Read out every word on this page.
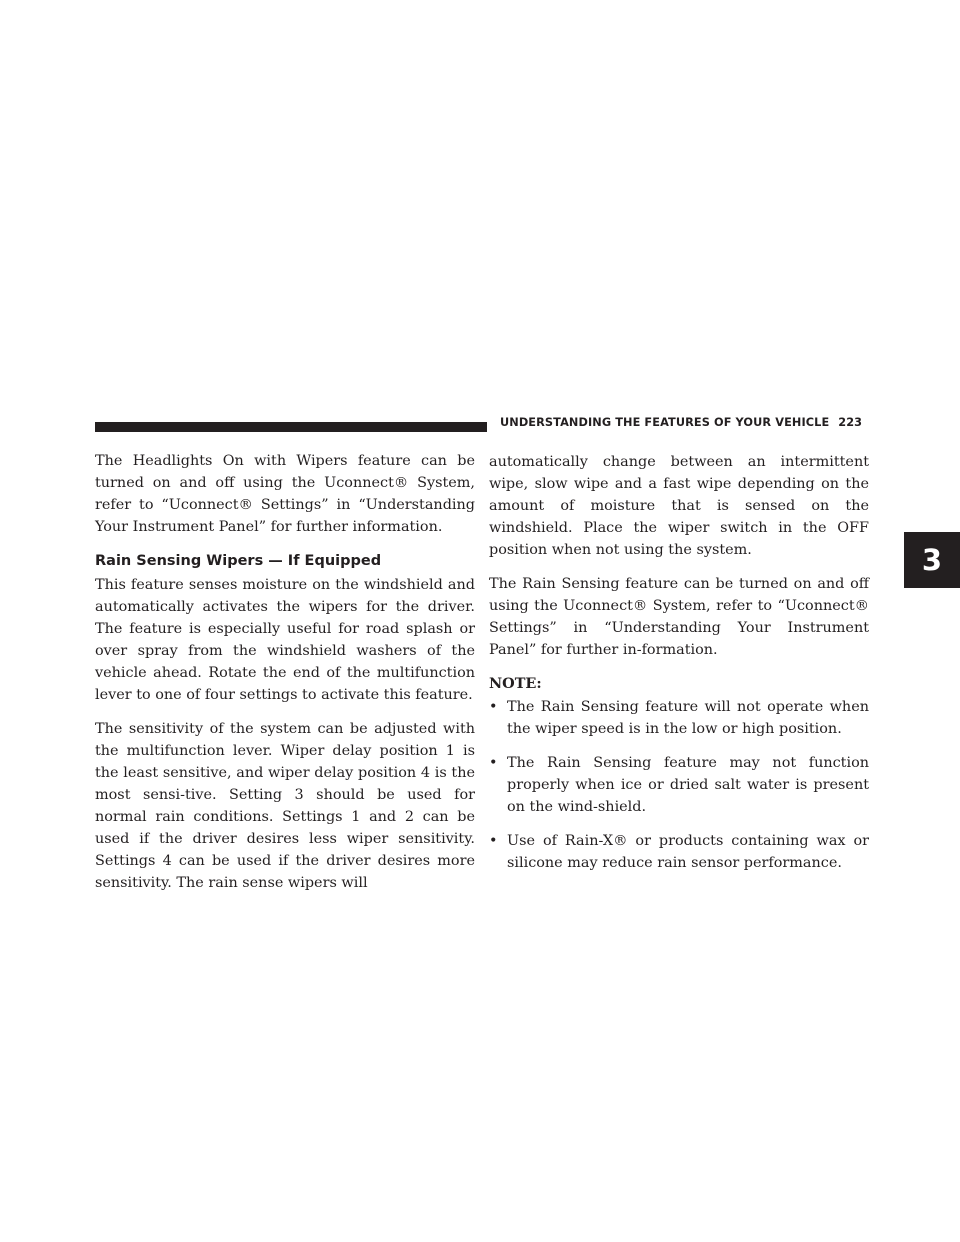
UNDERSTANDING THE FEATURES OF YOUR VEHICLE 223
3

The Headlights On with Wipers feature can be turned on and off using the Uconnect® System, refer to “Uconnect® Settings” in “Understanding Your Instrument Panel” for further information.

Rain Sensing Wipers — If Equipped

This feature senses moisture on the windshield and automatically activates the wipers for the driver. The feature is especially useful for road splash or over spray from the windshield washers of the vehicle ahead. Rotate the end of the multifunction lever to one of four settings to activate this feature.

The sensitivity of the system can be adjusted with the multifunction lever. Wiper delay position 1 is the least sensitive, and wiper delay position 4 is the most sensi-tive. Setting 3 should be used for normal rain conditions. Settings 1 and 2 can be used if the driver desires less wiper sensitivity. Settings 4 can be used if the driver desires more sensitivity. The rain sense wipers will

automatically change between an intermittent wipe, slow wipe and a fast wipe depending on the amount of moisture that is sensed on the windshield. Place the wiper switch in the OFF position when not using the system.

The Rain Sensing feature can be turned on and off using the Uconnect® System, refer to “Uconnect® Settings” in “Understanding Your Instrument Panel” for further in-formation.

NOTE:
• The Rain Sensing feature will not operate when the wiper speed is in the low or high position.
• The Rain Sensing feature may not function properly when ice or dried salt water is present on the wind-shield.
• Use of Rain-X® or products containing wax or silicone may reduce rain sensor performance.
